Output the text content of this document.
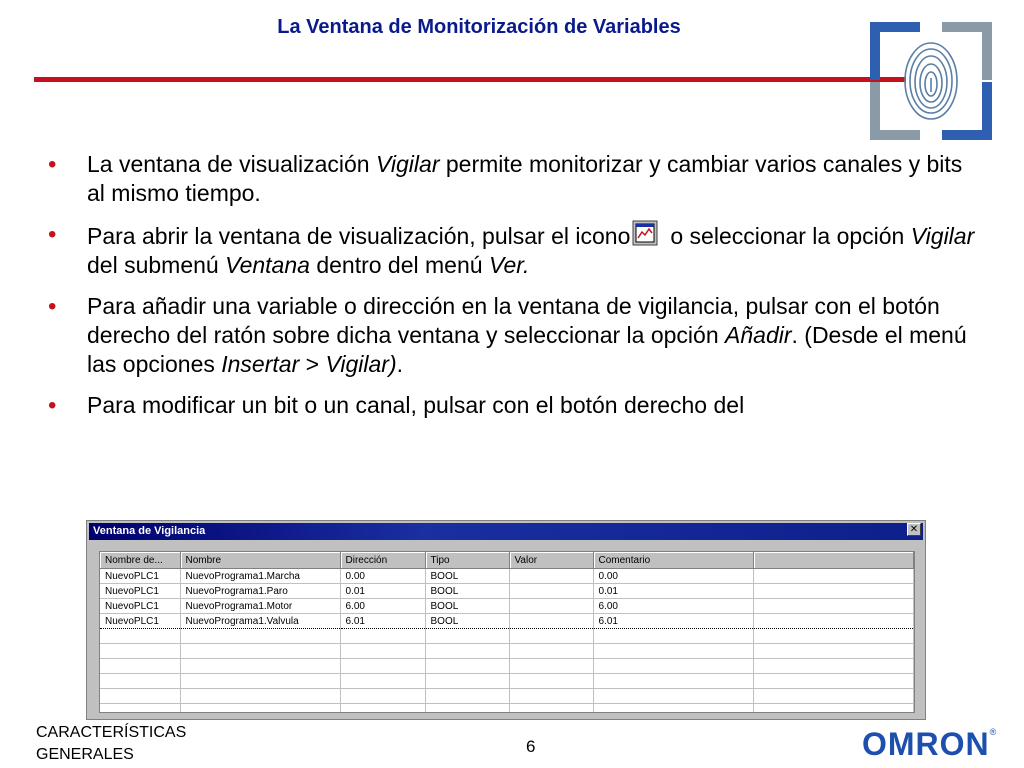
La Ventana de Monitorización de Variables
• La ventana de visualización Vigilar permite monitorizar y cambiar varios canales y bits al mismo tiempo.
• Para abrir la ventana de visualización, pulsar el icono o seleccionar la opción Vigilar del submenú Ventana dentro del menú Ver.
• Para añadir una variable o dirección en la ventana de vigilancia, pulsar con el botón derecho del ratón sobre dicha ventana y seleccionar la opción Añadir. (Desde el menú las opciones Insertar > Vigilar).
• Para modificar un bit o un canal, pulsar con el botón derecho del
Ventana de Vigilancia	✕
Nombre de...	Nombre	Dirección	Tipo	Valor	Comentario	
NuevoPLC1	NuevoPrograma1.Marcha	0.00	BOOL		0.00	
NuevoPLC1	NuevoPrograma1.Paro	0.01	BOOL		0.01	
NuevoPLC1	NuevoPrograma1.Motor	6.00	BOOL		6.00	
NuevoPLC1	NuevoPrograma1.Valvula	6.01	BOOL		6.01	

CARACTERÍSTICAS
GENERALES	6	OMRON®
